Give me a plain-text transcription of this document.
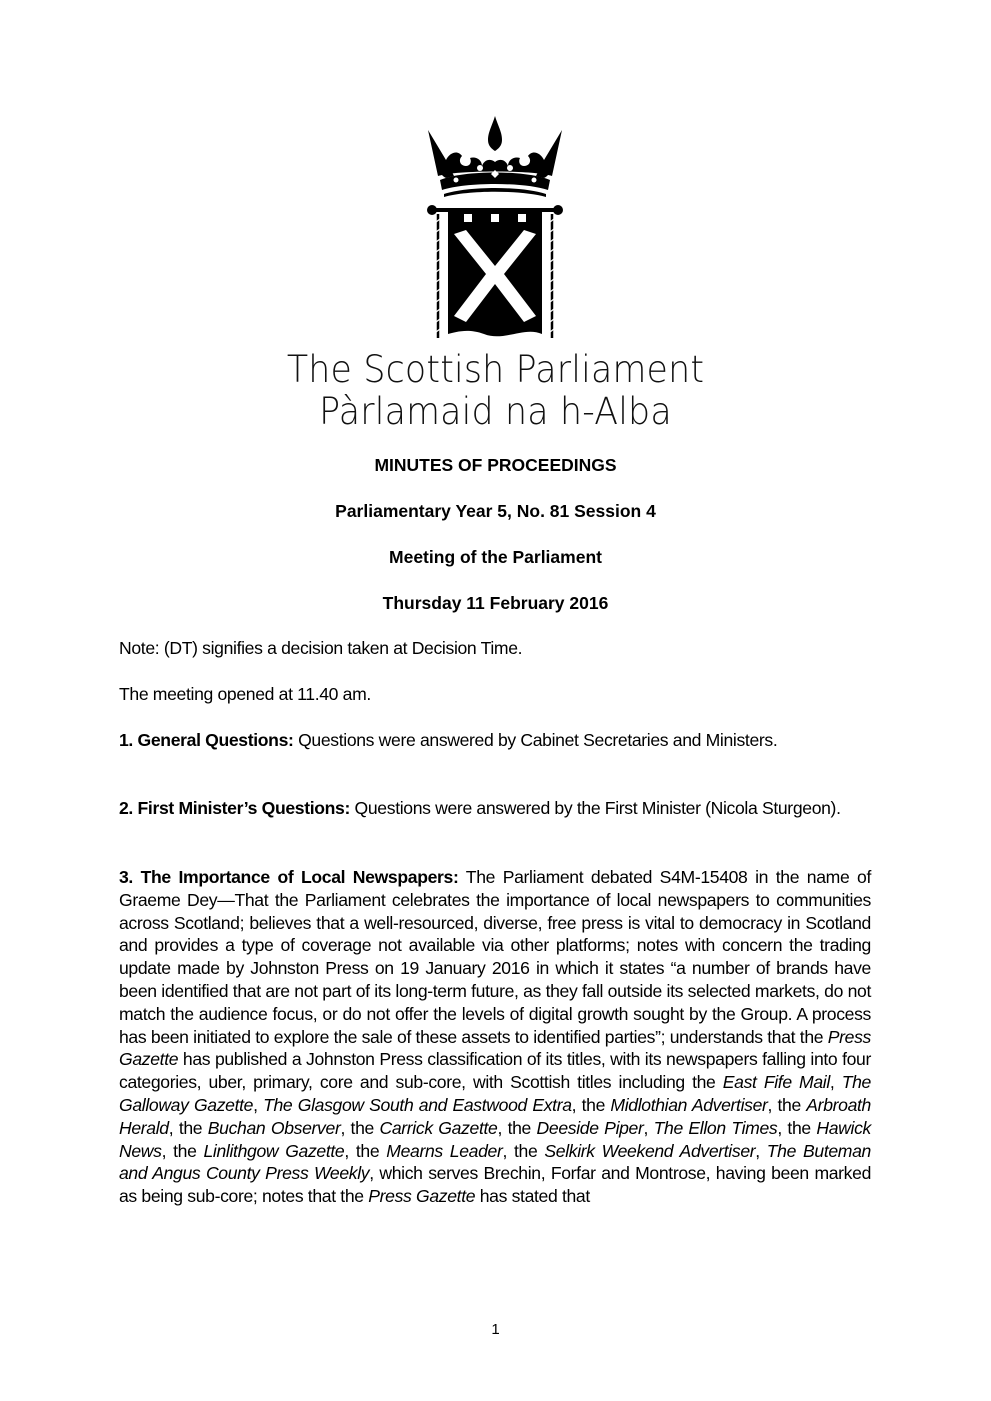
The Scottish Parliament
Pàrlamaid na h-Alba
MINUTES OF PROCEEDINGS
Parliamentary Year 5, No. 81 Session 4
Meeting of the Parliament
Thursday 11 February 2016
Note: (DT) signifies a decision taken at Decision Time.
The meeting opened at 11.40 am.
1. General Questions: Questions were answered by Cabinet Secretaries and Ministers.
2. First Minister’s Questions: Questions were answered by the First Minister (Nicola Sturgeon).
3. The Importance of Local Newspapers: The Parliament debated S4M-15408 in the name of Graeme Dey—That the Parliament celebrates the importance of local newspapers to communities across Scotland; believes that a well-resourced, diverse, free press is vital to democracy in Scotland and provides a type of coverage not available via other platforms; notes with concern the trading update made by Johnston Press on 19 January 2016 in which it states “a number of brands have been identified that are not part of its long-term future, as they fall outside its selected markets, do not match the audience focus, or do not offer the levels of digital growth sought by the Group. A process has been initiated to explore the sale of these assets to identified parties”; understands that the Press Gazette has published a Johnston Press classification of its titles, with its newspapers falling into four categories, uber, primary, core and sub-core, with Scottish titles including the East Fife Mail, The Galloway Gazette, The Glasgow South and Eastwood Extra, the Midlothian Advertiser, the Arbroath Herald, the Buchan Observer, the Carrick Gazette, the Deeside Piper, The Ellon Times, the Hawick News, the Linlithgow Gazette, the Mearns Leader, the Selkirk Weekend Advertiser, The Buteman and Angus County Press Weekly, which serves Brechin, Forfar and Montrose, having been marked as being sub-core; notes that the Press Gazette has stated that
1
